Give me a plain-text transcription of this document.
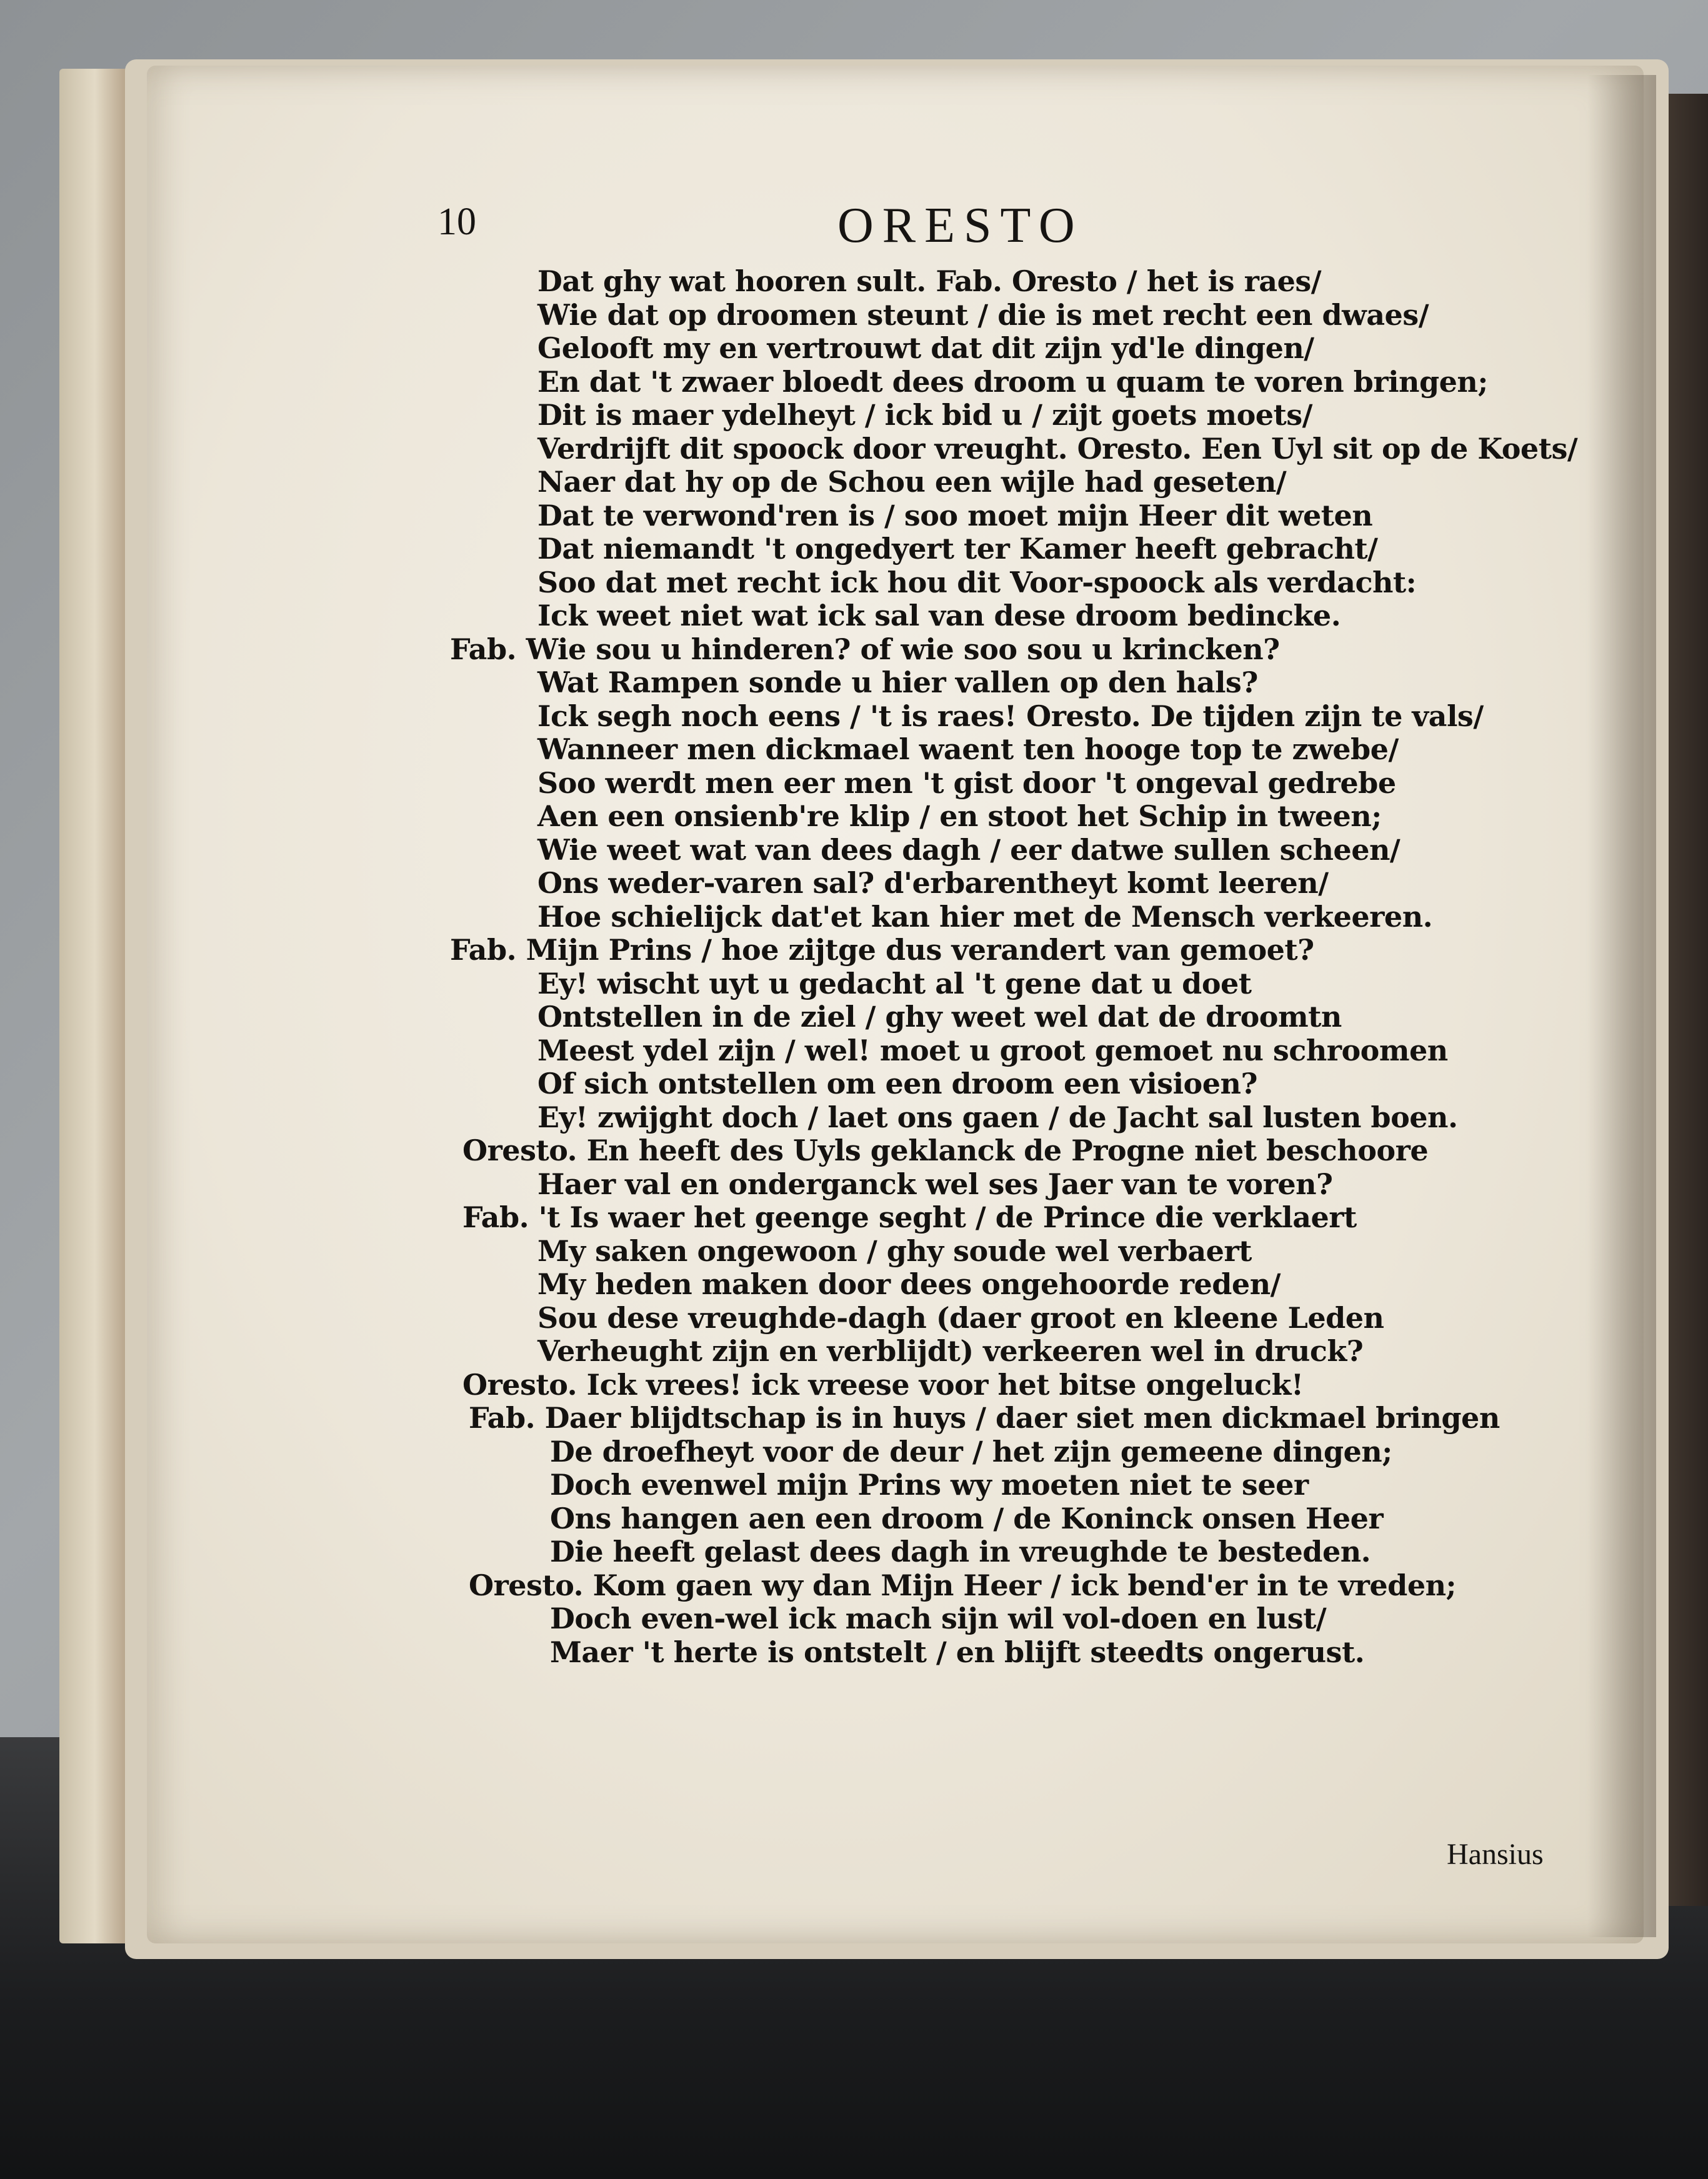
10	ORESTO
Dat ghy wat hooren sult. Fab. Oresto / het is raes/
Wie dat op droomen steunt / die is met recht een dwaes/
Gelooft my en vertrouwt dat dit zijn yd'le dingen/
En dat 't zwaer bloedt dees droom u quam te voren bringen;
Dit is maer ydelheyt / ick bid u / zijt goets moets/
Verdrijft dit spoock door vreught. Oresto. Een Uyl sit op de Koets/
Naer dat hy op de Schou een wijle had geseten/
Dat te verwond'ren is / soo moet mijn Heer dit weten
Dat niemandt 't ongedyert ter Kamer heeft gebracht/
Soo dat met recht ick hou dit Voor-spoock als verdacht:
Ick weet niet wat ick sal van dese droom bedincke.
Fab. Wie sou u hinderen? of wie soo sou u krincken?
Wat Rampen sonde u hier vallen op den hals?
Ick segh noch eens / 't is raes! Oresto. De tijden zijn te vals/
Wanneer men dickmael waent ten hooge top te zwebe/
Soo werdt men eer men 't gist door 't ongeval gedrebe
Aen een onsienb're klip / en stoot het Schip in tween;
Wie weet wat van dees dagh / eer datwe sullen scheen/
Ons weder-varen sal? d'erbarentheyt komt leeren/
Hoe schielijck dat'et kan hier met de Mensch verkeeren.
Fab. Mijn Prins / hoe zijtge dus verandert van gemoet?
Ey! wischt uyt u gedacht al 't gene dat u doet
Ontstellen in de ziel / ghy weet wel dat de droomtn
Meest ydel zijn / wel! moet u groot gemoet nu schroomen
Of sich ontstellen om een droom een visioen?
Ey! zwijght doch / laet ons gaen / de Jacht sal lusten boen.
Oresto. En heeft des Uyls geklanck de Progne niet beschoore
Haer val en onderganck wel ses Jaer van te voren?
Fab. 't Is waer het geenge seght / de Prince die verklaert
My saken ongewoon / ghy soude wel verbaert
My heden maken door dees ongehoorde reden/
Sou dese vreughde-dagh (daer groot en kleene Leden
Verheught zijn en verblijdt) verkeeren wel in druck?
Oresto. Ick vrees! ick vreese voor het bitse ongeluck!
Fab. Daer blijdtschap is in huys / daer siet men dickmael bringen
De droefheyt voor de deur / het zijn gemeene dingen;
Doch evenwel mijn Prins wy moeten niet te seer
Ons hangen aen een droom / de Koninck onsen Heer
Die heeft gelast dees dagh in vreughde te besteden.
Oresto. Kom gaen wy dan Mijn Heer / ick bend'er in te vreden;
Doch even-wel ick mach sijn wil vol-doen en lust/
Maer 't herte is ontstelt / en blijft steedts ongerust.
Hansius
